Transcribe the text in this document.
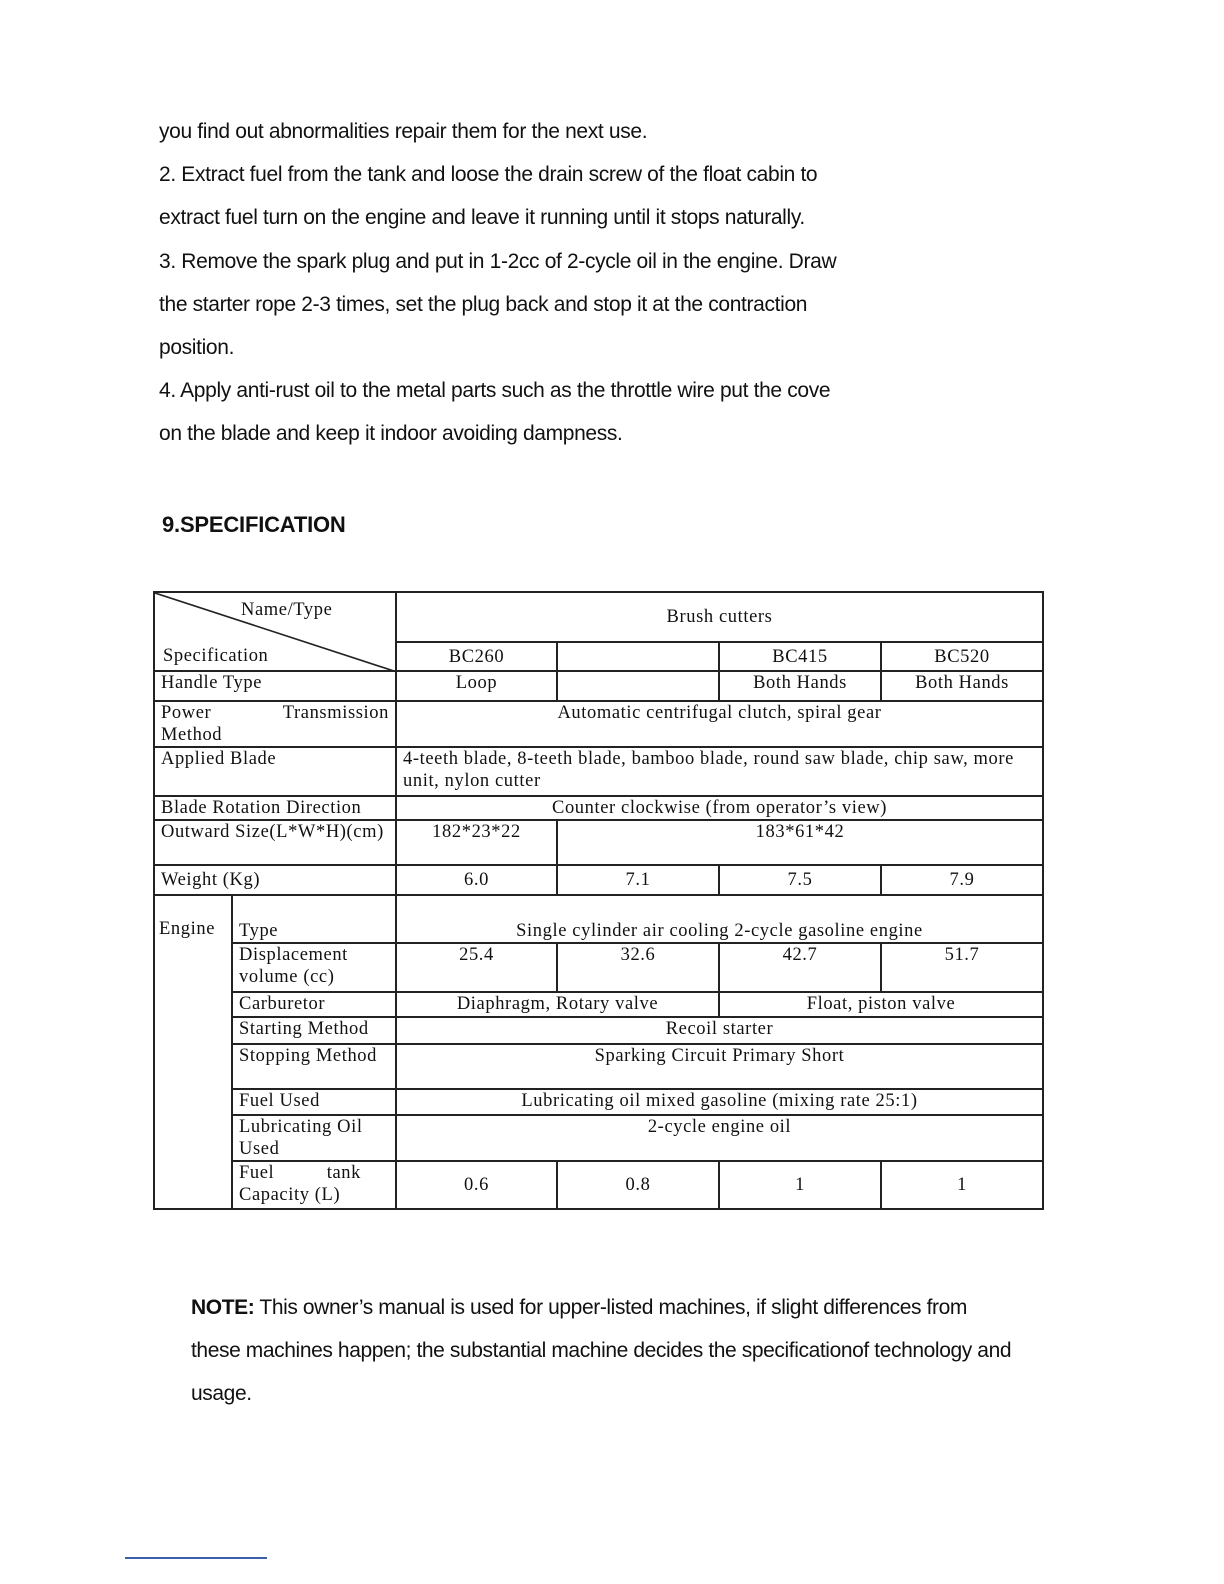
you find out abnormalities repair them for the next use.

2. Extract fuel from the tank and loose the drain screw of the float cabin to

extract fuel turn on the engine and leave it running until it stops naturally.

3. Remove the spark plug and put in 1-2cc of 2-cycle oil in the engine. Draw

the starter rope 2-3 times, set the plug back and stop it at the contraction

position.

4. Apply anti-rust oil to the metal parts such as the throttle wire put the cove

on the blade and keep it indoor avoiding dampness.

9.SPECIFICATION
Name/Type
Specification		Brush cutters			
		BC260		BC415	BC520
Handle Type		Loop		Both Hands	Both Hands

Power Transmission
Method		Automatic centrifugal clutch, spiral gear			
Applied Blade		4-teeth blade, 8-teeth blade, bamboo blade, round saw blade, chip saw, more unit, nylon cutter			
Blade Rotation Direction		Counter clockwise (from operator’s view)			
Outward Size(L*W*H)(cm)		182*23*22	183*61*42		
Weight (Kg)		6.0	7.1	7.5	7.9

Engine	Type	Single cylinder air cooling 2-cycle gasoline engine			
	Displacement volume (cc)	25.4	32.6	42.7	51.7
	Carburetor	Diaphragm, Rotary valve		Float, piston valve	
	Starting Method	Recoil starter			
	Stopping Method	Sparking Circuit Primary Short			
	Fuel Used	Lubricating oil mixed gasoline (mixing rate 25:1)			
	Lubricating Oil Used	2-cycle engine oil			

	Fuel tank
Capacity (L)	0.6	0.8	1	1

NOTE: This owner’s manual is used for upper-listed machines, if slight differences from these machines happen; the substantial machine decides the specificationof technology and usage.
